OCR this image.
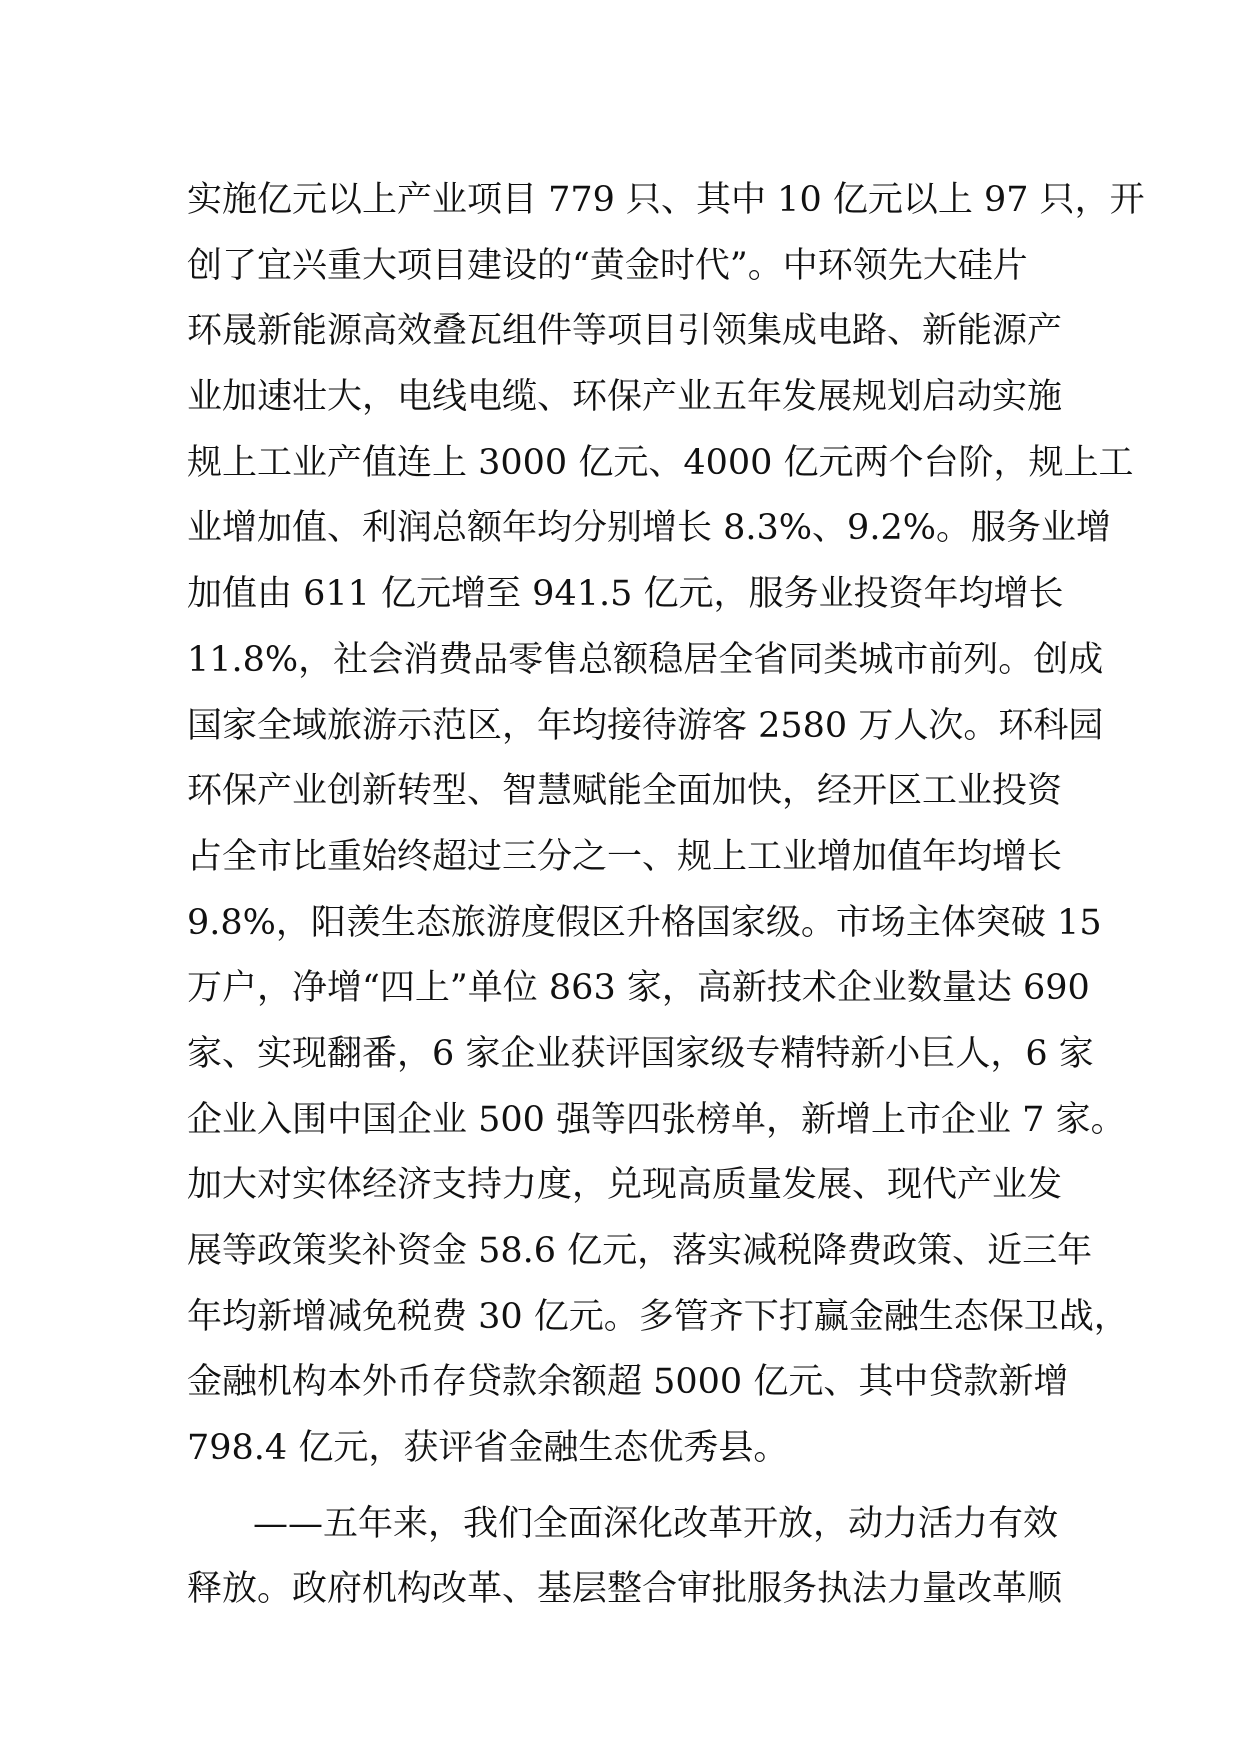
实施亿元以上产业项目 779 只、其中 10 亿元以上 97 只，开
创了宜兴重大项目建设的“黄金时代”。中环领先大硅片
环晟新能源高效叠瓦组件等项目引领集成电路、新能源产
业加速壮大，电线电缆、环保产业五年发展规划启动实施
规上工业产值连上 3000 亿元、4000 亿元两个台阶，规上工
业增加值、利润总额年均分别增长 8.3%、9.2%。服务业增
加值由 611 亿元增至 941.5 亿元，服务业投资年均增长
11.8%，社会消费品零售总额稳居全省同类城市前列。创成
国家全域旅游示范区，年均接待游客 2580 万人次。环科园
环保产业创新转型、智慧赋能全面加快，经开区工业投资
占全市比重始终超过三分之一、规上工业增加值年均增长
9.8%，阳羡生态旅游度假区升格国家级。市场主体突破 15
万户，净增“四上”单位 863 家，高新技术企业数量达 690
家、实现翻番，6 家企业获评国家级专精特新小巨人，6 家
企业入围中国企业 500 强等四张榜单，新增上市企业 7 家。
加大对实体经济支持力度，兑现高质量发展、现代产业发
展等政策奖补资金 58.6 亿元，落实减税降费政策、近三年
年均新增减免税费 30 亿元。多管齐下打赢金融生态保卫战，
金融机构本外币存贷款余额超 5000 亿元、其中贷款新增
798.4 亿元，获评省金融生态优秀县。
——五年来，我们全面深化改革开放，动力活力有效
释放。政府机构改革、基层整合审批服务执法力量改革顺
